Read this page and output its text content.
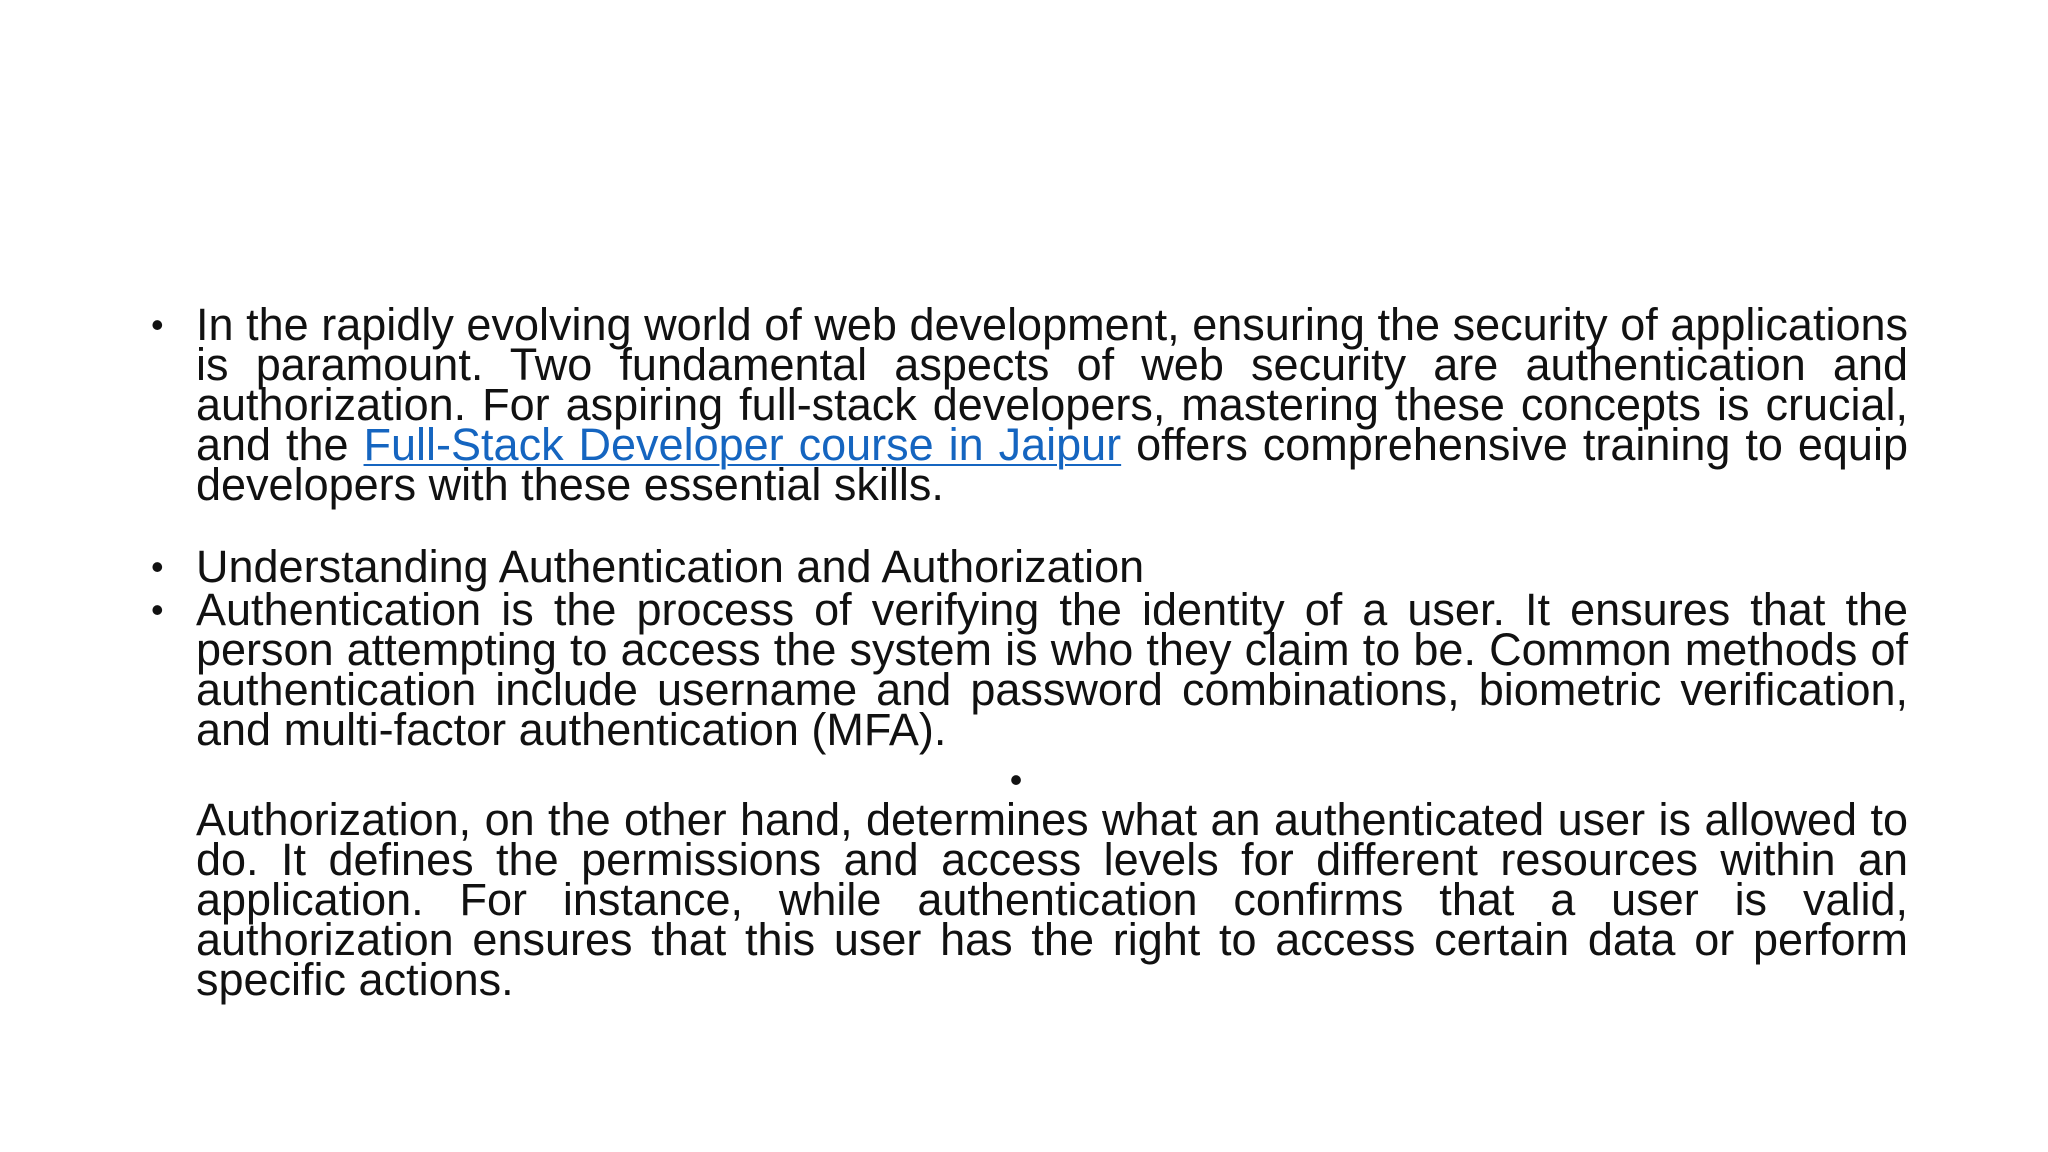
• In the rapidly evolving world of web development, ensuring the security of applications is paramount. Two fundamental aspects of web security are authentication and authorization. For aspiring full-stack developers, mastering these concepts is crucial, and the Full-Stack Developer course in Jaipur offers comprehensive training to equip developers with these essential skills.
• Understanding Authentication and Authorization
• Authentication is the process of verifying the identity of a user. It ensures that the person attempting to access the system is who they claim to be. Common methods of authentication include username and password combinations, biometric verification, and multi-factor authentication (MFA).
•

Authorization, on the other hand, determines what an authenticated user is allowed to do. It defines the permissions and access levels for different resources within an application. For instance, while authentication confirms that a user is valid, authorization ensures that this user has the right to access certain data or perform specific actions.
